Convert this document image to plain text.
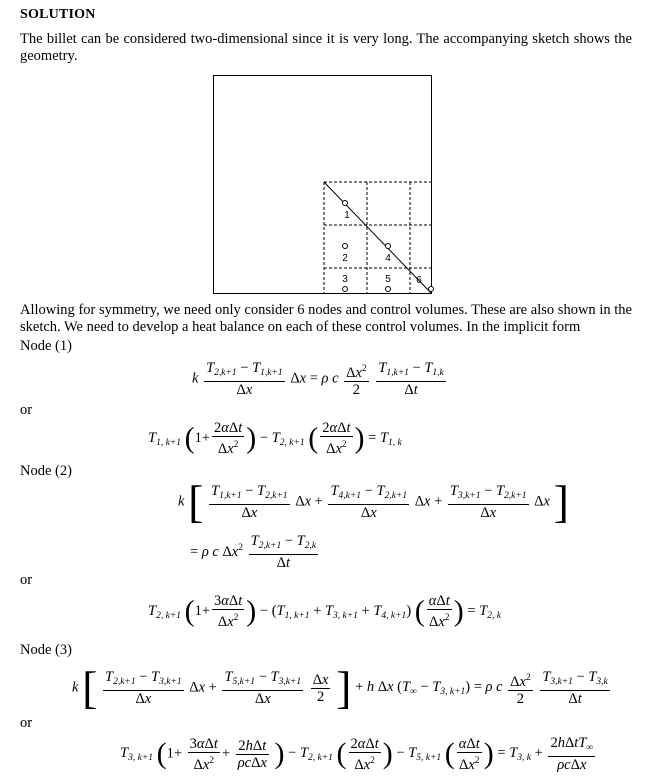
SOLUTION
The billet can be considered two-dimensional since it is very long. The accompanying sketch shows the geometry.
1
2
3
4
5	6
Allowing for symmetry, we need only consider 6 nodes and control volumes. These are also shown in the sketch. We need to develop a heat balance on each of these control volumes. In the implicit form
Node (1)
k $\frac{T_{2,k+1} - T_{1,k+1}}{\Delta x}$ Δx = ρ c $\frac{\Delta x^2}{2}$
$\frac{T_{1,k+1} - T_{1,k}}{\Delta t}$
or
$T_{1, k+1}$ ($1+ \frac{\text{2αΔt}}{\Delta x^2}$ ) − $T_{2, k+1}$ ( $\frac{\text{2αΔt}}{\Delta x^2}$ ) = $T_{1, k}$
Node (2)
k [ $\frac{T_{1,k+1} - T_{2,k+1}}{\Delta x}$ $\Delta x + \frac{T_{4,k+1} - T_{2,k+1}}{\Delta x}$ $\Delta x + \frac{T_{3,k+1} - T_{2,k+1}}{\Delta x}$ Δx ]
= ρ c $\Delta x^2 \frac{T_{2,k+1} - T_{2,k}}{\Delta t}$
or
$T_{2, k+1}$ ($1+ \frac{\text{3αΔt}}{\Delta x^2}$ ) − $(T_{1, k+1} + T_{3, k+1} + T_{4, k+1})$ ( $\frac{\text{αΔt}}{\Delta x^2}$ ) = $T_{2, k}$
Node (3)
k [ $\frac{T_{2,k+1} - T_{3,k+1}}{\Delta x}$ $\Delta x + \frac{T_{5,k+1} - T_{3,k+1}}{\Delta x}$
$\frac{\Delta x}{2}$ ] + h Δx $(T_\infty - T_{3, k+1}) = \rho$ c $\frac{\Delta x^2}{2}$
$\frac{T_{3,k+1} - T_{3,k}}{\Delta t}$
or
$T_{3, k+1}$ ($1+ \frac{\text{3αΔt}}{\Delta x^2} + \frac{\text{2hΔt}}{\text{ρcΔx}}$ ) − $T_{2, k+1}$ ( $\frac{\text{2αΔt}}{\Delta x^2}$ ) − $T_{5, k+1}$ ( $\frac{\text{αΔt}}{\Delta x^2}$ ) = $T_{3, k} + \frac{2h\Delta tT_\infty}{\text{ρcΔx}}$
